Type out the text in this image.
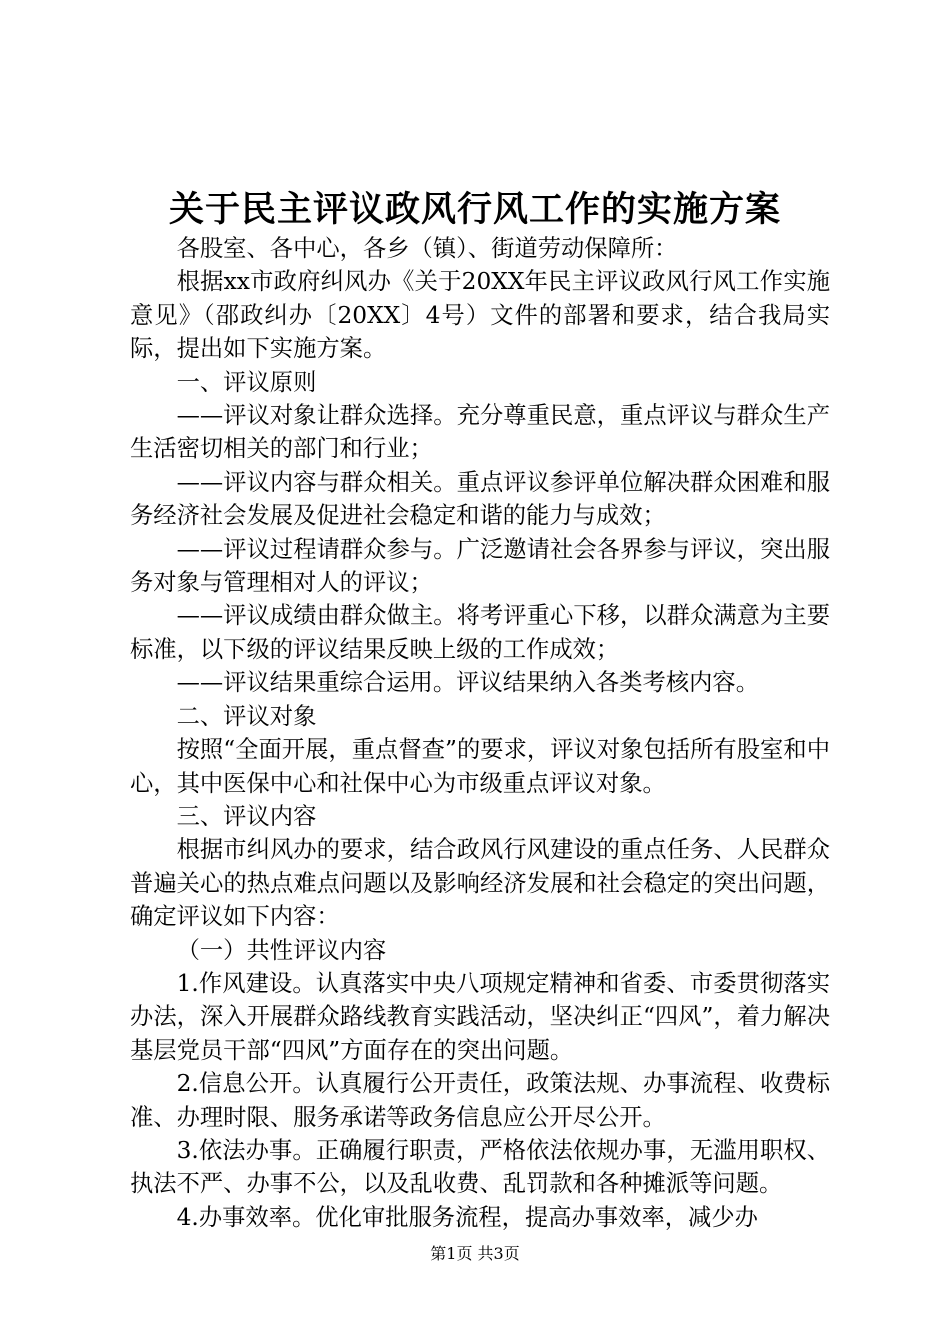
关于民主评议政风行风工作的实施方案

各股室、各中心，各乡（镇）、街道劳动保障所：

根据xx市政府纠风办《关于20XX年民主评议政风行风工作实施意见》（邵政纠办〔20XX〕4号）文件的部署和要求，结合我局实际，提出如下实施方案。

一、评议原则

——评议对象让群众选择。充分尊重民意，重点评议与群众生产生活密切相关的部门和行业；

——评议内容与群众相关。重点评议参评单位解决群众困难和服务经济社会发展及促进社会稳定和谐的能力与成效；

——评议过程请群众参与。广泛邀请社会各界参与评议，突出服务对象与管理相对人的评议；

——评议成绩由群众做主。将考评重心下移，以群众满意为主要标准，以下级的评议结果反映上级的工作成效；

——评议结果重综合运用。评议结果纳入各类考核内容。

二、评议对象

按照“全面开展，重点督查”的要求，评议对象包括所有股室和中心，其中医保中心和社保中心为市级重点评议对象。

三、评议内容

根据市纠风办的要求，结合政风行风建设的重点任务、人民群众普遍关心的热点难点问题以及影响经济发展和社会稳定的突出问题，确定评议如下内容：

（一）共性评议内容

1.作风建设。认真落实中央八项规定精神和省委、市委贯彻落实办法，深入开展群众路线教育实践活动，坚决纠正“四风”，着力解决基层党员干部“四风”方面存在的突出问题。

2.信息公开。认真履行公开责任，政策法规、办事流程、收费标准、办理时限、服务承诺等政务信息应公开尽公开。

3.依法办事。正确履行职责，严格依法依规办事，无滥用职权、执法不严、办事不公，以及乱收费、乱罚款和各种摊派等问题。

4.办事效率。优化审批服务流程，提高办事效率，减少办

第1页 共3页
